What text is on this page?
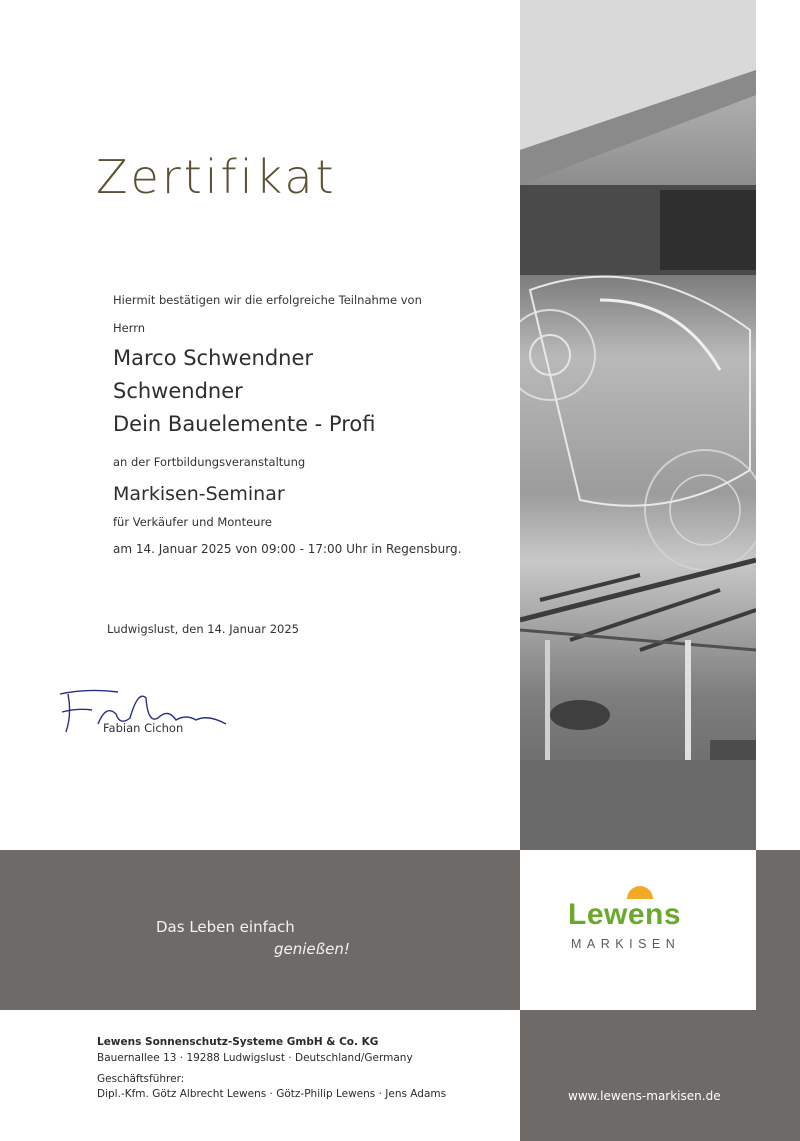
Zertifikat
Hiermit bestätigen wir die erfolgreiche Teilnahme von
Herrn
Marco Schwendner
Schwendner
Dein Bauelemente - Profi
an der Fortbildungsveranstaltung
Markisen-Seminar
für Verkäufer und Monteure
am 14. Januar 2025 von 09:00 - 17:00 Uhr in Regensburg.
Ludwigslust, den 14. Januar 2025
Fabian Cichon
Das Leben einfach
genießen!
Lewens
MARKISEN
Lewens Sonnenschutz-Systeme GmbH & Co. KG
Bauernallee 13 · 19288 Ludwigslust · Deutschland/Germany
Geschäftsführer:
Dipl.-Kfm. Götz Albrecht Lewens · Götz-Philip Lewens · Jens Adams	www.lewens-markisen.de
